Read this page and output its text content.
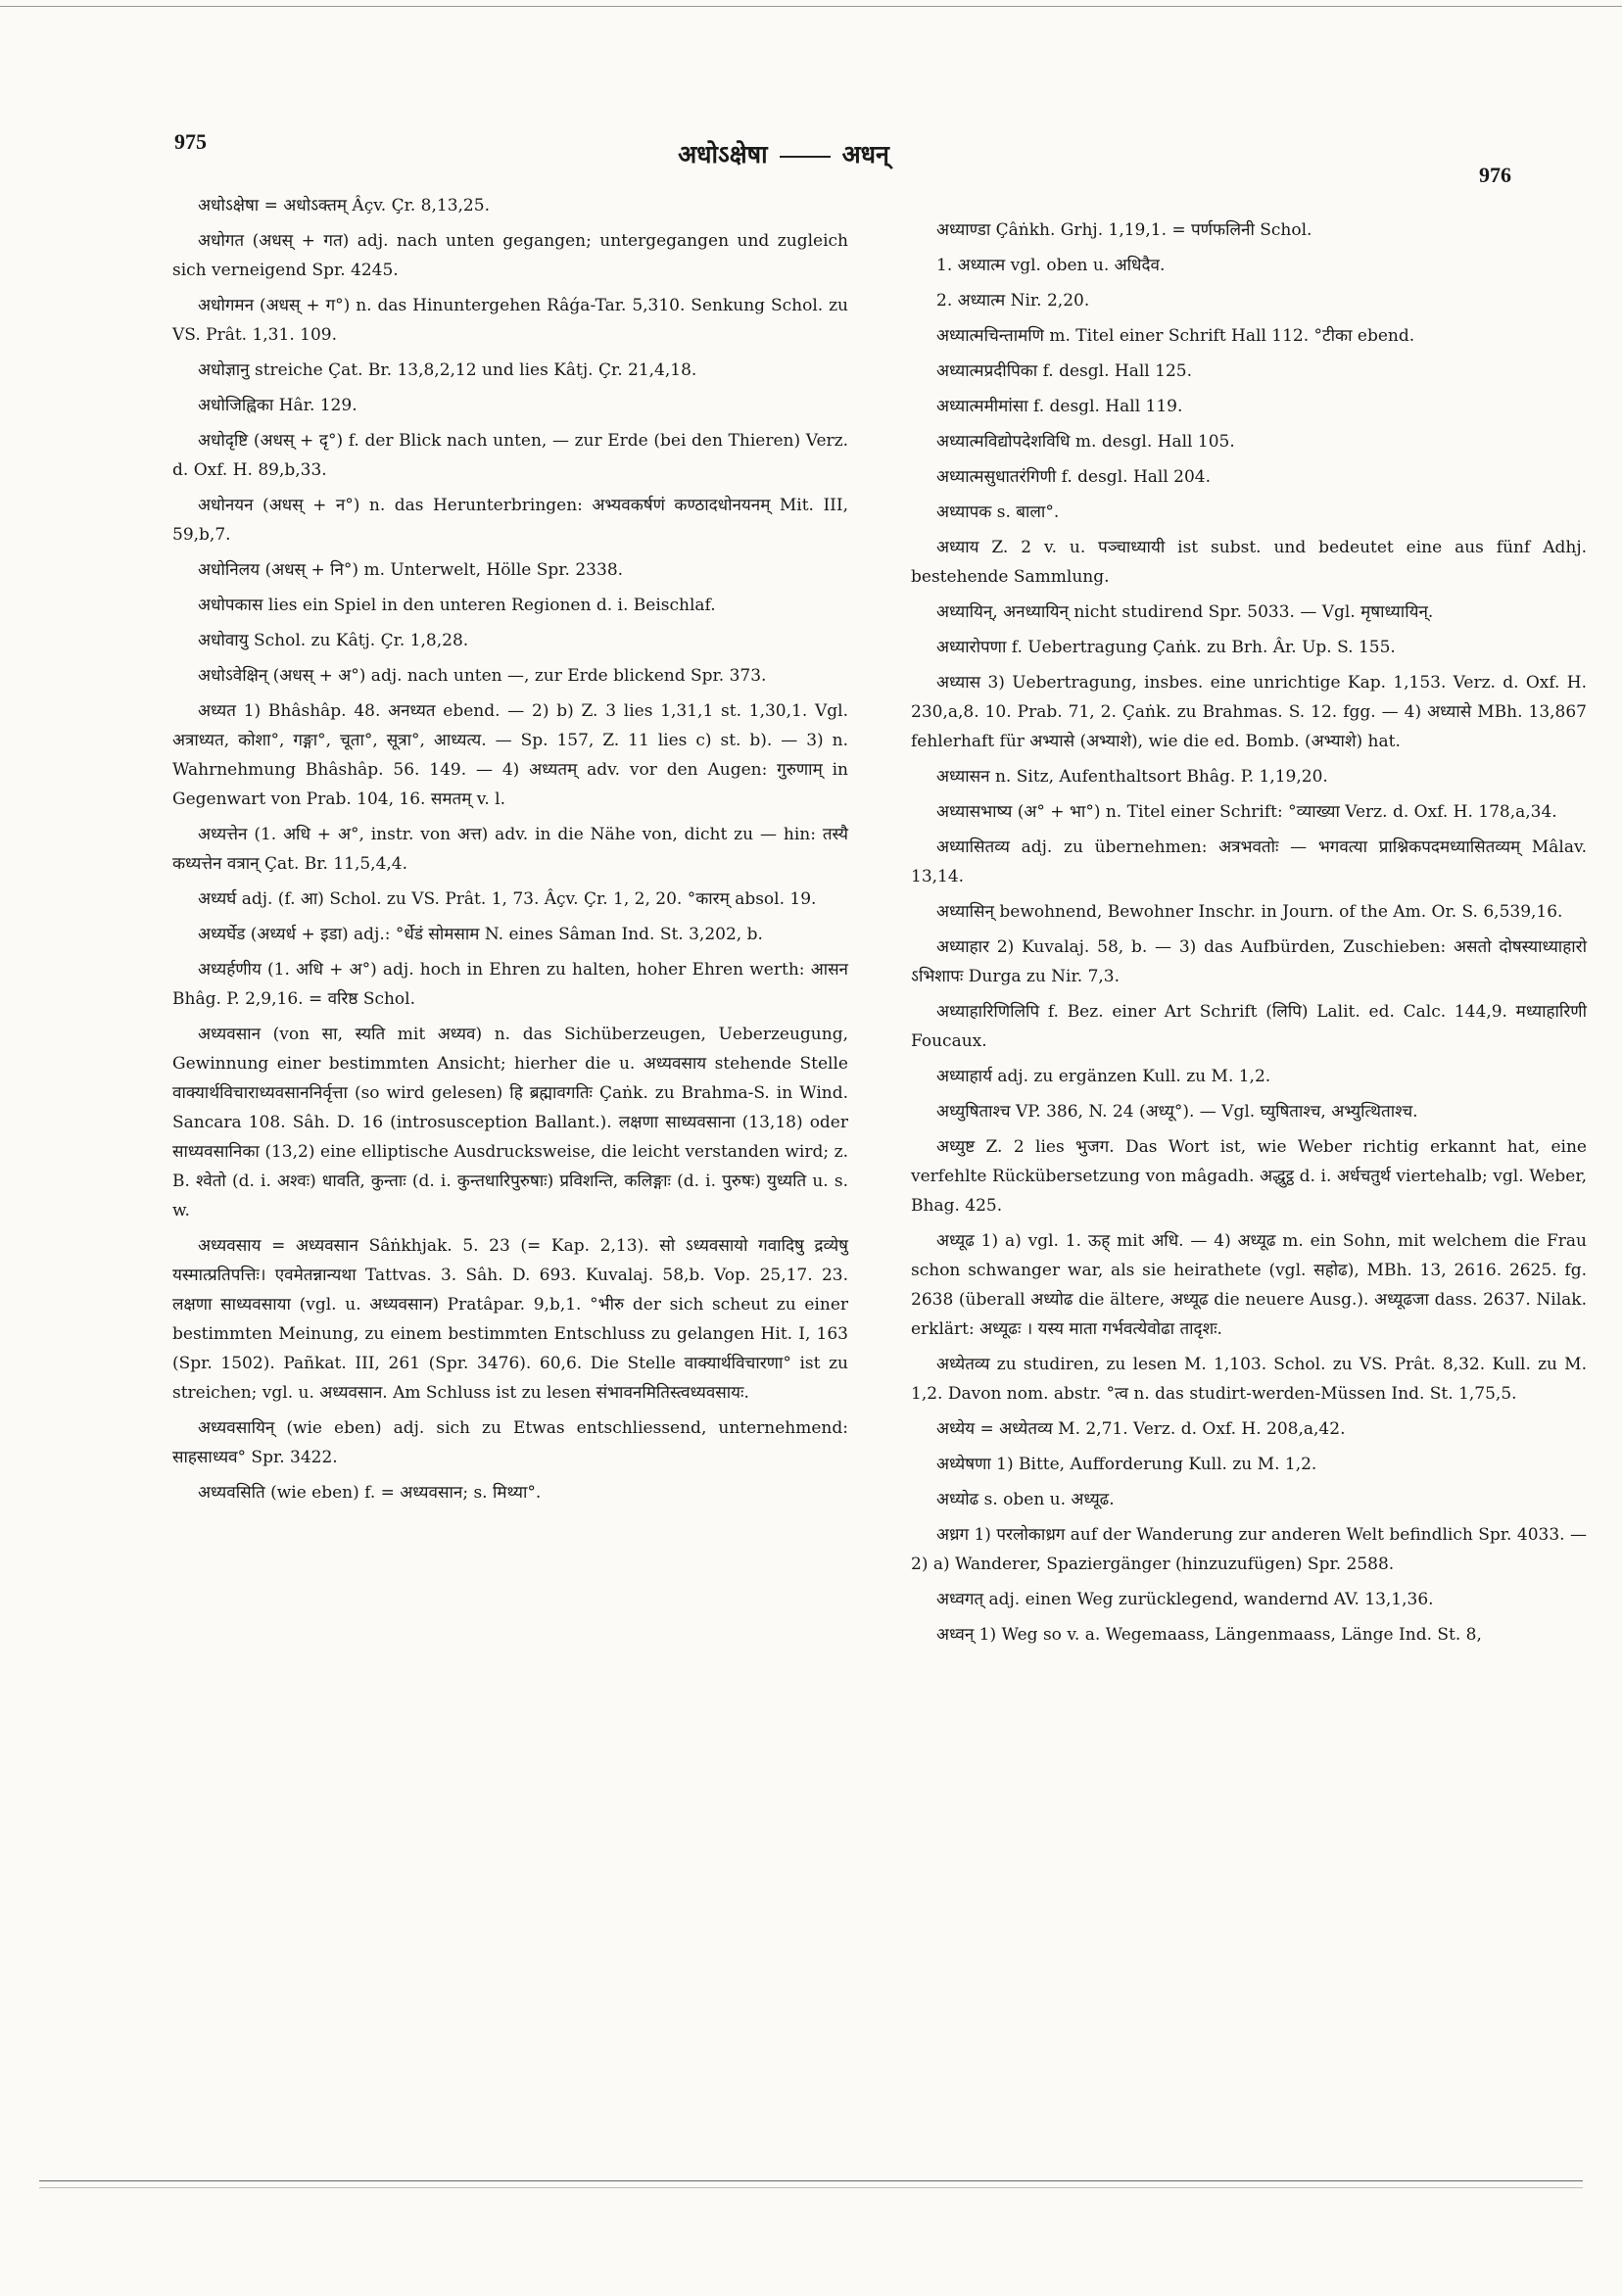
975	अधोऽक्षेषा	अधन्
976

अधोऽक्षेषा = अधोऽक्तम् Âçv. Çr. 8,13,25.

अधोगत (अधस् + गत) adj. nach unten gegangen; untergegangen und zugleich sich verneigend Spr. 4245.

अधोगमन (अधस् + ग°) n. das Hinuntergehen Râǵa-Tar. 5,310. Senkung Schol. zu VS. Prât. 1,31. 109.

अधोज्ञानु streiche Çat. Br. 13,8,2,12 und lies Kâtj. Çr. 21,4,18.

अधोजिह्विका Hâr. 129.

अधोदृष्टि (अधस् + दृ°) f. der Blick nach unten, — zur Erde (bei den Thieren) Verz. d. Oxf. H. 89,b,33.

अधोनयन (अधस् + न°) n. das Herunterbringen: अभ्यवकर्षणं कण्ठादधोनयनम् Mit. III, 59,b,7.

अधोनिलय (अधस् + नि°) m. Unterwelt, Hölle Spr. 2338.

अधोपकास lies ein Spiel in den unteren Regionen d. i. Beischlaf.

अधोवायु Schol. zu Kâtj. Çr. 1,8,28.

अधोऽवेक्षिन् (अधस् + अ°) adj. nach unten —, zur Erde blickend Spr. 373.

अध्यत 1) Bhâshâp. 48. अनध्यत ebend. — 2) b) Z. 3 lies 1,31,1 st. 1,30,1. Vgl. अत्राध्यत, कोशा°, गङ्गा°, चूता°, सूत्रा°, आध्यत्य. — Sp. 157, Z. 11 lies c) st. b). — 3) n. Wahrnehmung Bhâshâp. 56. 149. — 4) अध्यतम् adv. vor den Augen: गुरुणाम् in Gegenwart von Prab. 104, 16. समतम् v. l.

अध्यत्तेन (1. अधि + अ°, instr. von अत्त) adv. in die Nähe von, dicht zu — hin: तस्यै कध्यत्तेन वत्रान् Çat. Br. 11,5,4,4.

अध्यर्घ adj. (f. आ) Schol. zu VS. Prât. 1, 73. Âçv. Çr. 1, 2, 20. °कारम् absol. 19.

अध्यर्घेड (अध्यर्ध + इडा) adj.: °र्धेडं सोमसाम N. eines Sâman Ind. St. 3,202, b.

अध्यर्हणीय (1. अधि + अ°) adj. hoch in Ehren zu halten, hoher Ehren werth: आसन Bhâg. P. 2,9,16. = वरिष्ठ Schol.

अध्यवसान (von सा, स्यति mit अध्यव) n. das Sichüberzeugen, Ueberzeugung, Gewinnung einer bestimmten Ansicht; hierher die u. अध्यवसाय stehende Stelle वाक्यार्थविचाराध्यवसाननिर्वृत्ता (so wird gelesen) हि ब्रह्मावगतिः Çaṅk. zu Brahma-S. in Wind. Sancara 108. Sâh. D. 16 (introsusception Ballant.). लक्षणा साध्यवसाना (13,18) oder साध्यवसानिका (13,2) eine elliptische Ausdrucksweise, die leicht verstanden wird; z. B. श्वेतो (d. i. अश्वः) धावति, कुन्ताः (d. i. कुन्तधारिपुरुषाः) प्रविशन्ति, कलिङ्गाः (d. i. पुरुषः) युध्यति u. s. w.

अध्यवसाय = अध्यवसान Sâṅkhjak. 5. 23 (= Kap. 2,13). सो ऽध्यवसायो गवादिषु द्रव्येषु यस्मात्प्रतिपत्तिः। एवमेतन्नान्यथा Tattvas. 3. Sâh. D. 693. Kuvalaj. 58,b. Vop. 25,17. 23. लक्षणा साध्यवसाया (vgl. u. अध्यवसान) Pratâpar. 9,b,1. °भीरु der sich scheut zu einer bestimmten Meinung, zu einem bestimmten Entschluss zu gelangen Hit. I, 163 (Spr. 1502). Pañkat. III, 261 (Spr. 3476). 60,6. Die Stelle वाक्यार्थविचारणा° ist zu streichen; vgl. u. अध्यवसान. Am Schluss ist zu lesen संभावनमितिस्त्वध्यवसायः.

अध्यवसायिन् (wie eben) adj. sich zu Etwas entschliessend, unternehmend: साहसाध्यव° Spr. 3422.

अध्यवसिति (wie eben) f. = अध्यवसान; s. मिथ्या°.

अध्याण्डा Çâṅkh. Grhj. 1,19,1. = पर्णफलिनी Schol.

1. अध्यात्म vgl. oben u. अधिदैव.

2. अध्यात्म Nir. 2,20.

अध्यात्मचिन्तामणि m. Titel einer Schrift Hall 112. °टीका ebend.

अध्यात्मप्रदीपिका f. desgl. Hall 125.

अध्यात्ममीमांसा f. desgl. Hall 119.

अध्यात्मविद्योपदेशविधि m. desgl. Hall 105.

अध्यात्मसुधातरंगिणी f. desgl. Hall 204.

अध्यापक s. बाला°.

अध्याय Z. 2 v. u. पञ्चाध्यायी ist subst. und bedeutet eine aus fünf Adhj. bestehende Sammlung.

अध्यायिन्, अनध्यायिन् nicht studirend Spr. 5033. — Vgl. मृषाध्यायिन्.

अध्यारोपणा f. Uebertragung Çaṅk. zu Brh. Âr. Up. S. 155.

अध्यास 3) Uebertragung, insbes. eine unrichtige Kap. 1,153. Verz. d. Oxf. H. 230,a,8. 10. Prab. 71, 2. Çaṅk. zu Brahmas. S. 12. fgg. — 4) अध्यासे MBh. 13,867 fehlerhaft für अभ्यासे (अभ्याशे), wie die ed. Bomb. (अभ्याशे) hat.

अध्यासन n. Sitz, Aufenthaltsort Bhâg. P. 1,19,20.

अध्यासभाष्य (अ° + भा°) n. Titel einer Schrift: °व्याख्या Verz. d. Oxf. H. 178,a,34.

अध्यासितव्य adj. zu übernehmen: अत्रभवतोः — भगवत्या प्राश्निकपदमध्यासितव्यम् Mâlav. 13,14.

अध्यासिन् bewohnend, Bewohner Inschr. in Journ. of the Am. Or. S. 6,539,16.

अध्याहार 2) Kuvalaj. 58, b. — 3) das Aufbürden, Zuschieben: असतो दोषस्याध्याहारो ऽभिशापः Durga zu Nir. 7,3.

अध्याहारिणिलिपि f. Bez. einer Art Schrift (लिपि) Lalit. ed. Calc. 144,9. मध्याहारिणी Foucaux.

अध्याहार्य adj. zu ergänzen Kull. zu M. 1,2.

अध्युषिताश्च VP. 386, N. 24 (अध्यू°). — Vgl. घ्युषिताश्च, अभ्युत्थिताश्च.

अध्युष्ट Z. 2 lies भुजग. Das Wort ist, wie Weber richtig erkannt hat, eine verfehlte Rückübersetzung von mâgadh. अद्धुट्ठ d. i. अर्धचतुर्थ viertehalb; vgl. Weber, Bhag. 425.

अध्यूढ 1) a) vgl. 1. ऊह् mit अधि. — 4) अध्यूढ m. ein Sohn, mit welchem die Frau schon schwanger war, als sie heirathete (vgl. सहोढ), MBh. 13, 2616. 2625. fg. 2638 (überall अध्योढ die ältere, अध्यूढ die neuere Ausg.). अध्यूढजा dass. 2637. Nilak. erklärt: अध्यूढः । यस्य माता गर्भवत्येवोढा तादृशः.

अध्येतव्य zu studiren, zu lesen M. 1,103. Schol. zu VS. Prât. 8,32. Kull. zu M. 1,2. Davon nom. abstr. °त्व n. das studirt-werden-Müssen Ind. St. 1,75,5.

अध्येय = अध्येतव्य M. 2,71. Verz. d. Oxf. H. 208,a,42.

अध्येषणा 1) Bitte, Aufforderung Kull. zu M. 1,2.

अध्योढ s. oben u. अध्यूढ.

अध्रग 1) परलोकाध्रग auf der Wanderung zur anderen Welt befindlich Spr. 4033. — 2) a) Wanderer, Spaziergänger (hinzuzufügen) Spr. 2588.

अध्वगत् adj. einen Weg zurücklegend, wandernd AV. 13,1,36.

अध्वन् 1) Weg so v. a. Wegemaass, Längenmaass, Länge Ind. St. 8,
